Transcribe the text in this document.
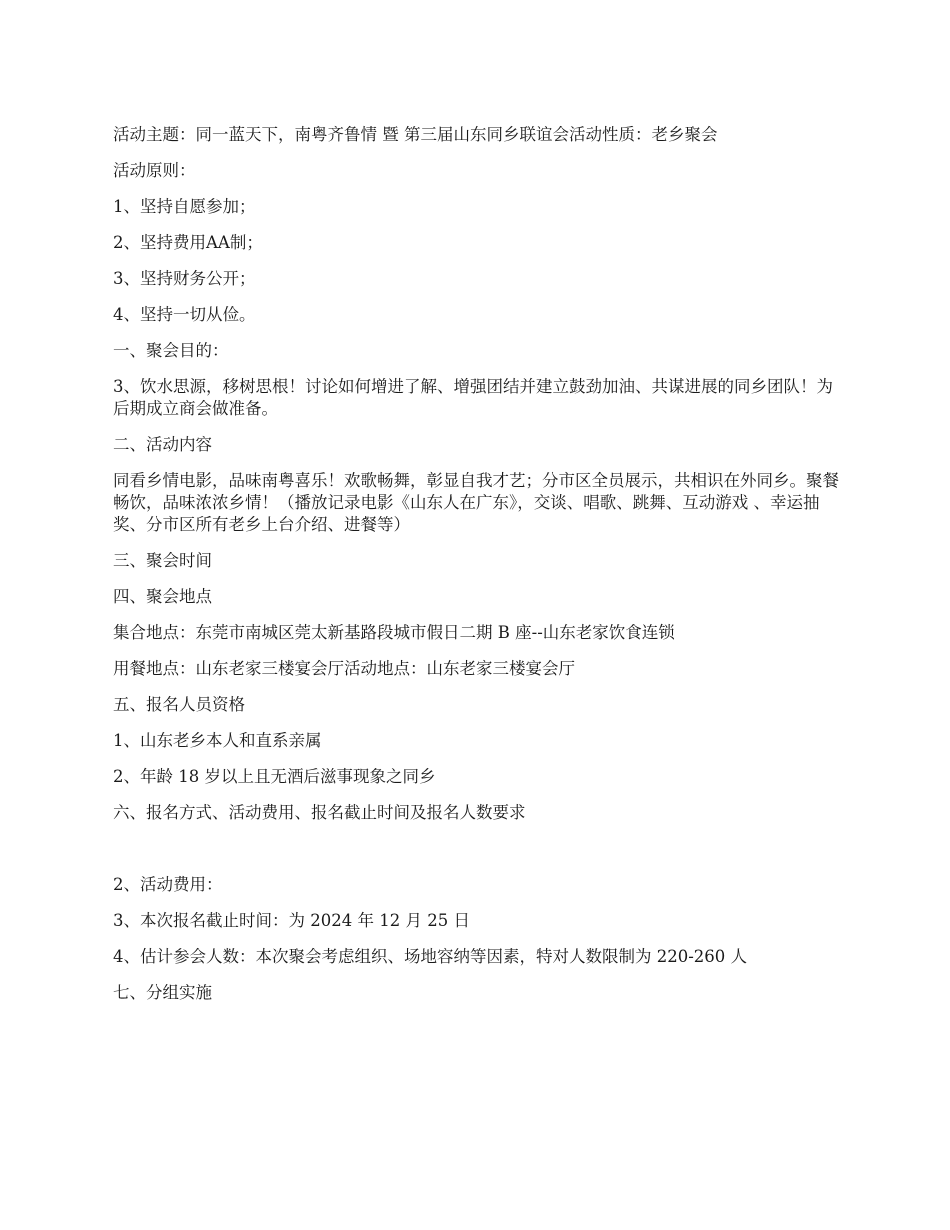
活动主题：同一蓝天下，南粤齐鲁情 暨 第三届山东同乡联谊会活动性质：老乡聚会

活动原则：

1、坚持自愿参加；

2、坚持费用AA制；

3、坚持财务公开；

4、坚持一切从俭。

一、聚会目的：

3、饮水思源，移树思根！讨论如何增进了解、增强团结并建立鼓劲加油、共谋进展的同乡团队！为后期成立商会做准备。

二、活动内容

同看乡情电影，品味南粤喜乐！欢歌畅舞，彰显自我才艺；分市区全员展示，共相识在外同乡。聚餐畅饮，品味浓浓乡情！（播放记录电影《山东人在广东》，交谈、唱歌、跳舞、互动游戏 、幸运抽奖、分市区所有老乡上台介绍、进餐等）

三、聚会时间

四、聚会地点

集合地点：东莞市南城区莞太新基路段城市假日二期 B 座--山东老家饮食连锁

用餐地点：山东老家三楼宴会厅活动地点：山东老家三楼宴会厅

五、报名人员资格

1、山东老乡本人和直系亲属

2、年龄 18 岁以上且无酒后滋事现象之同乡

六、报名方式、活动费用、报名截止时间及报名人数要求

2、活动费用：

3、本次报名截止时间：为 2024 年 12 月 25 日

4、估计参会人数：本次聚会考虑组织、场地容纳等因素，特对人数限制为 220-260 人

七、分组实施
